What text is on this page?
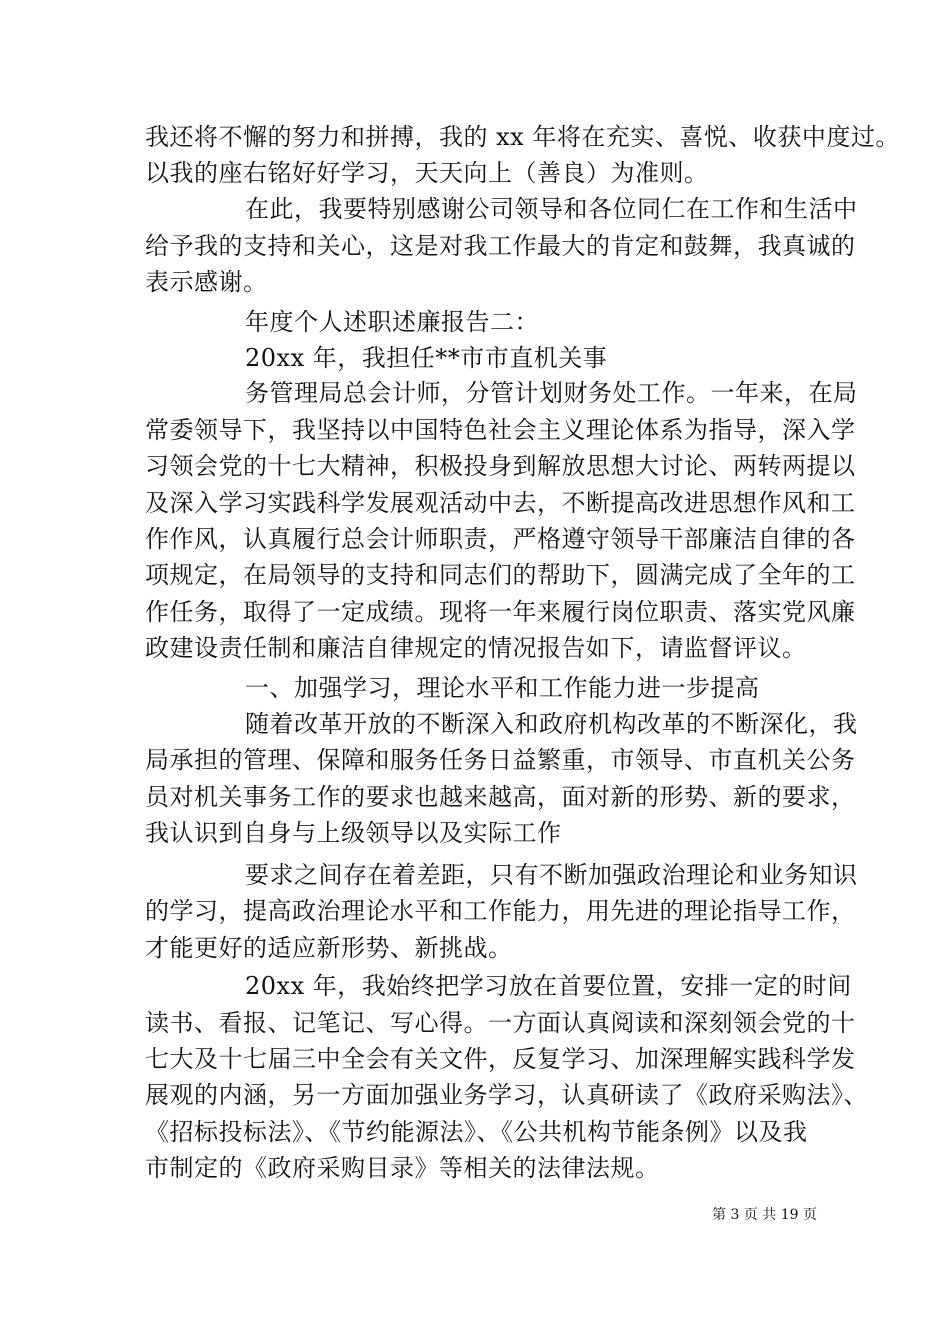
我还将不懈的努力和拼搏，我的 xx 年将在充实、喜悦、收获中度过。
以我的座右铭好好学习，天天向上（善良）为准则。
在此，我要特别感谢公司领导和各位同仁在工作和生活中
给予我的支持和关心，这是对我工作最大的肯定和鼓舞，我真诚的
表示感谢。
年度个人述职述廉报告二：
20xx 年，我担任**市市直机关事
务管理局总会计师，分管计划财务处工作。一年来，在局
常委领导下，我坚持以中国特色社会主义理论体系为指导，深入学
习领会党的十七大精神，积极投身到解放思想大讨论、两转两提以
及深入学习实践科学发展观活动中去，不断提高改进思想作风和工
作作风，认真履行总会计师职责，严格遵守领导干部廉洁自律的各
项规定，在局领导的支持和同志们的帮助下，圆满完成了全年的工
作任务，取得了一定成绩。现将一年来履行岗位职责、落实党风廉
政建设责任制和廉洁自律规定的情况报告如下，请监督评议。
一、加强学习，理论水平和工作能力进一步提高
随着改革开放的不断深入和政府机构改革的不断深化，我
局承担的管理、保障和服务任务日益繁重，市领导、市直机关公务
员对机关事务工作的要求也越来越高，面对新的形势、新的要求，
我认识到自身与上级领导以及实际工作
要求之间存在着差距，只有不断加强政治理论和业务知识
的学习，提高政治理论水平和工作能力，用先进的理论指导工作，
才能更好的适应新形势、新挑战。
20xx 年，我始终把学习放在首要位置，安排一定的时间
读书、看报、记笔记、写心得。一方面认真阅读和深刻领会党的十
七大及十七届三中全会有关文件，反复学习、加深理解实践科学发
展观的内涵，另一方面加强业务学习，认真研读了《政府采购法》、
《招标投标法》、《节约能源法》、《公共机构节能条例》以及我
市制定的《政府采购目录》等相关的法律法规。
第 3 页 共 19 页
